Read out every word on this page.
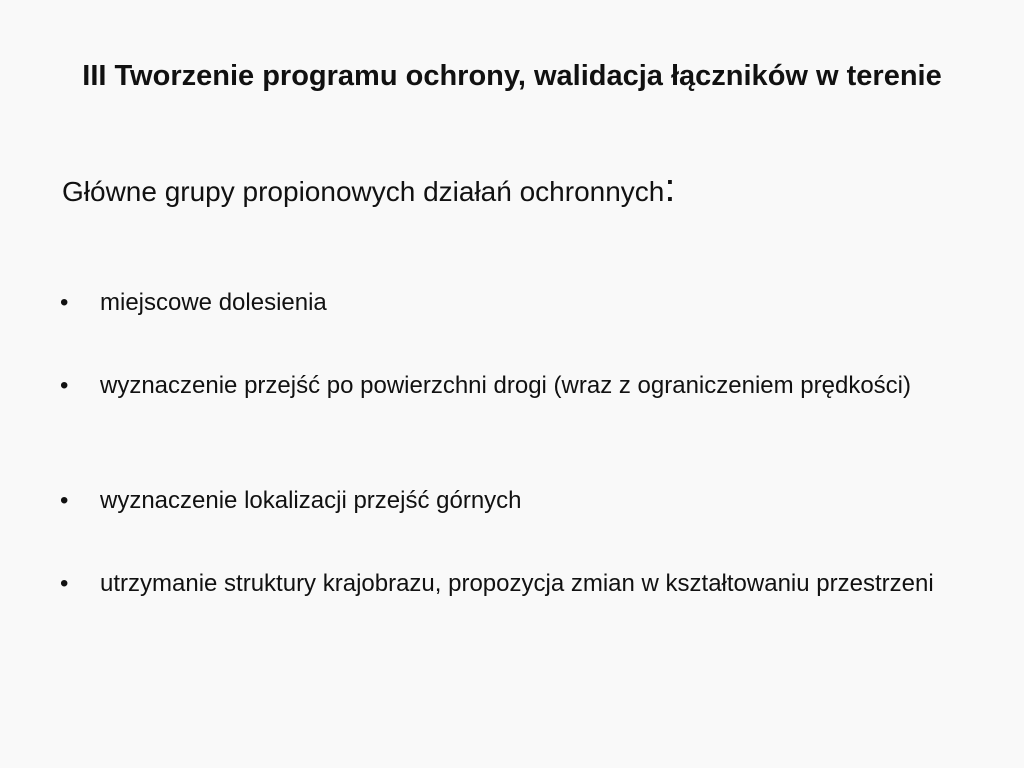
III Tworzenie programu ochrony, walidacja łączników w terenie
Główne grupy propionowych działań ochronnych:
• miejscowe dolesienia
• wyznaczenie przejść po powierzchni drogi (wraz z ograniczeniem prędkości)
• wyznaczenie lokalizacji przejść górnych
• utrzymanie struktury krajobrazu, propozycja zmian w kształtowaniu przestrzeni
